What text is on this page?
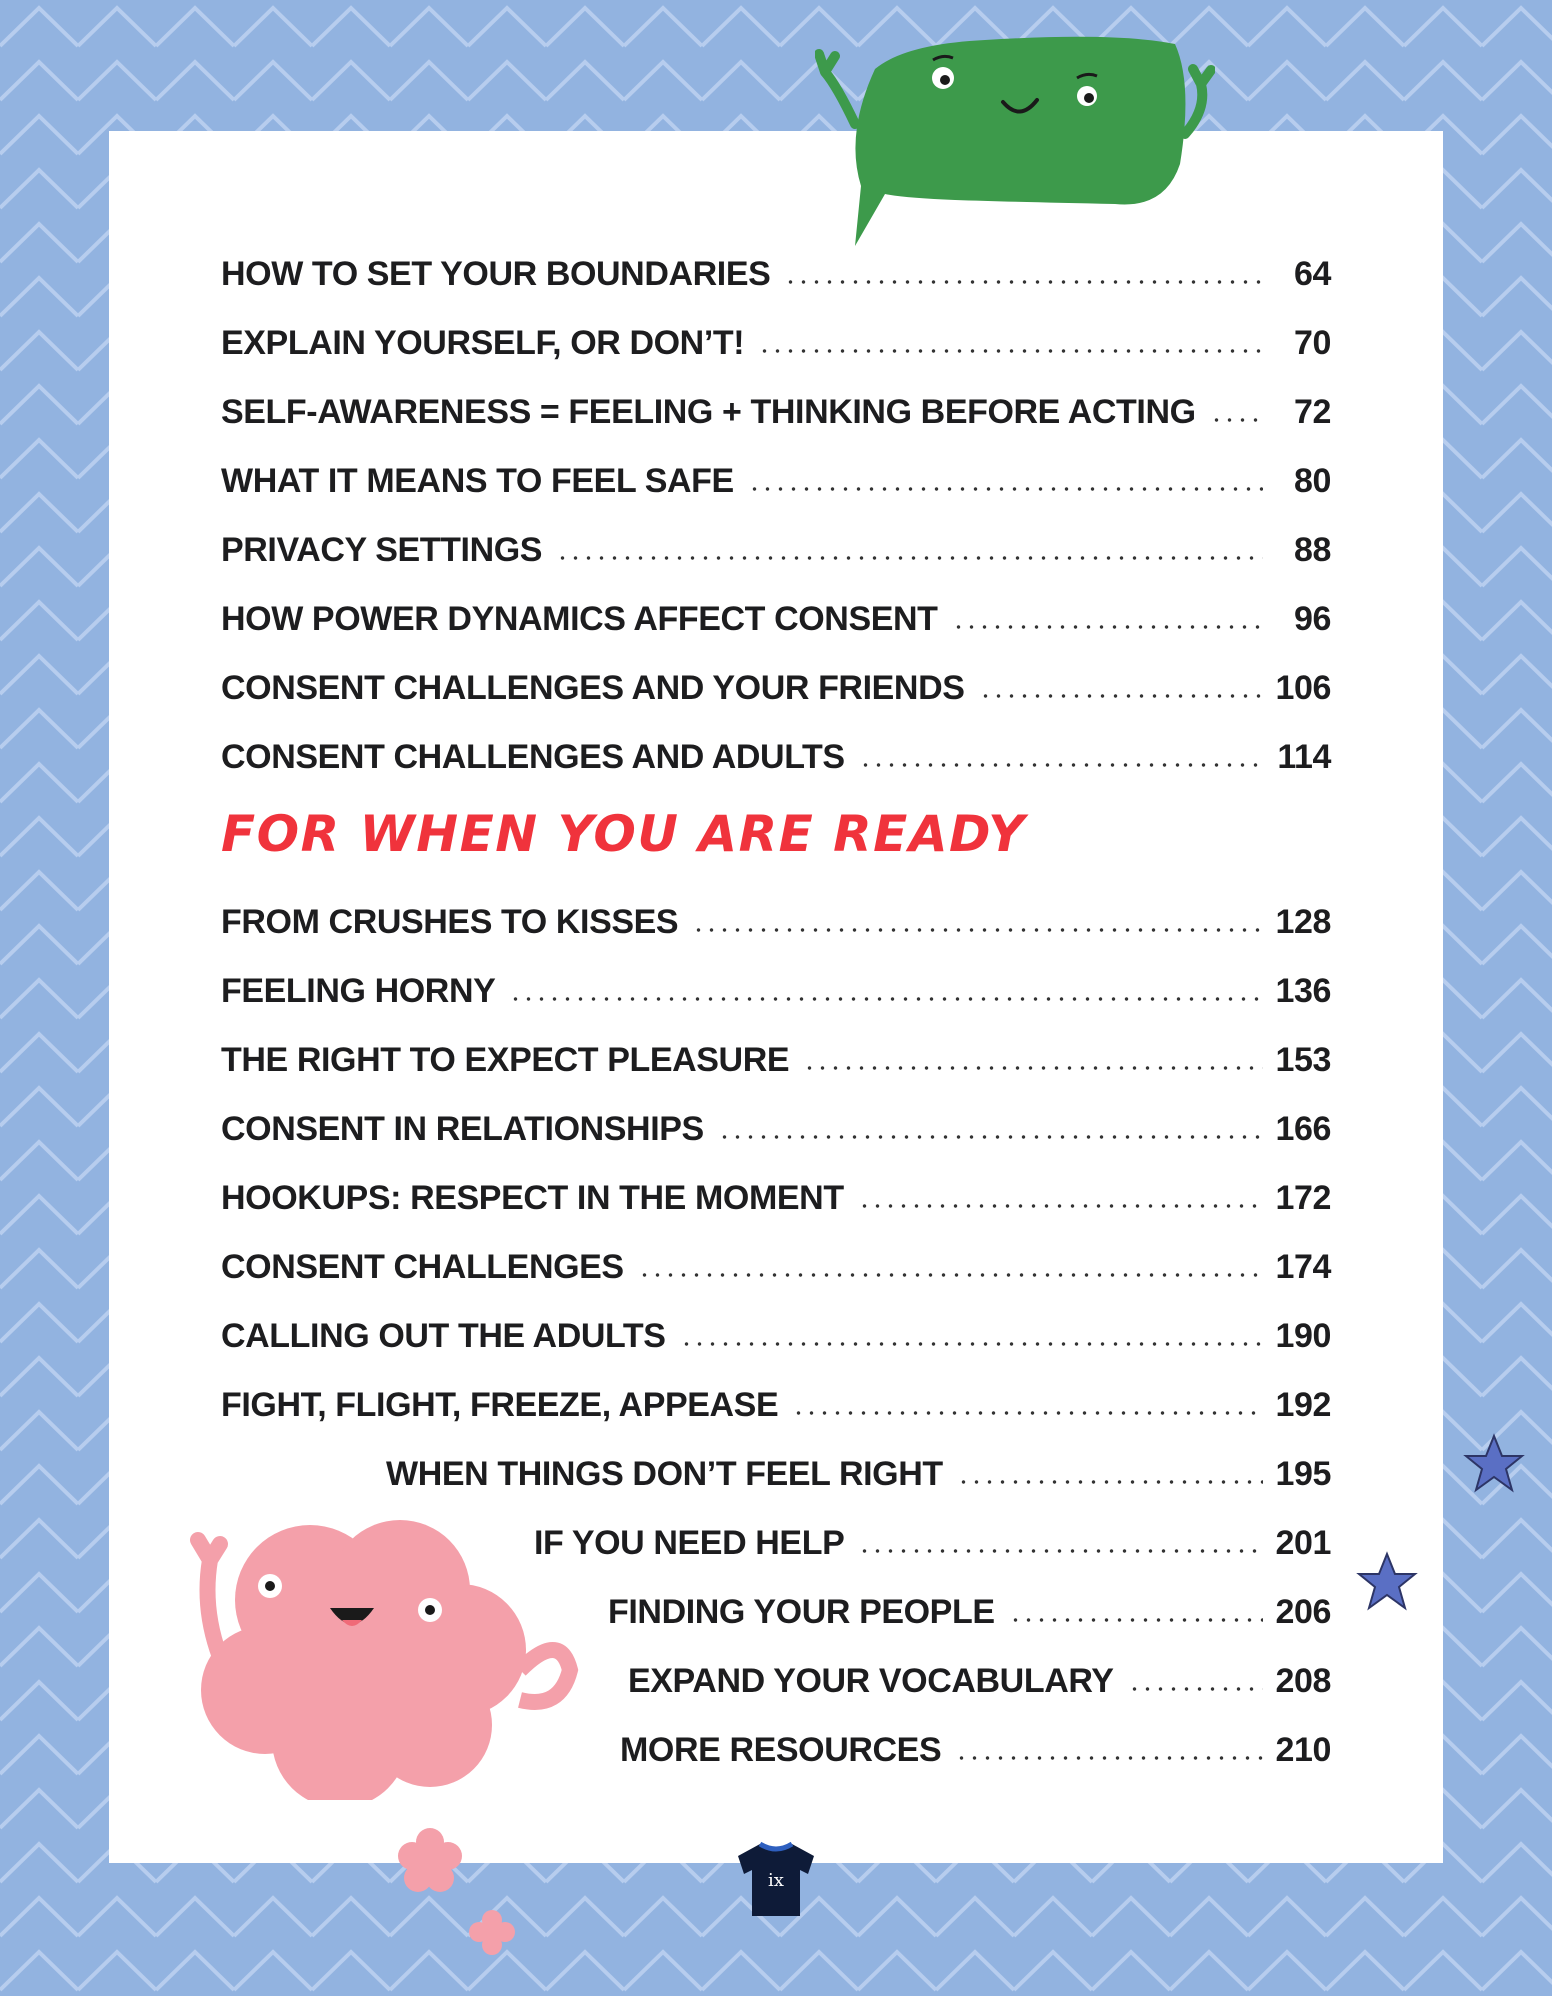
HOW TO SET YOUR BOUNDARIES	64
EXPLAIN YOURSELF, OR DON’T!	70
SELF-AWARENESS = FEELING + THINKING BEFORE ACTING	72
WHAT IT MEANS TO FEEL SAFE	80
PRIVACY SETTINGS	88
HOW POWER DYNAMICS AFFECT CONSENT	96
CONSENT CHALLENGES AND YOUR FRIENDS	106
CONSENT CHALLENGES AND ADULTS	114
FOR WHEN YOU ARE READY
FROM CRUSHES TO KISSES	128
FEELING HORNY	136
THE RIGHT TO EXPECT PLEASURE	153
CONSENT IN RELATIONSHIPS	166
HOOKUPS: RESPECT IN THE MOMENT	172
CONSENT CHALLENGES	174
CALLING OUT THE ADULTS	190
FIGHT, FLIGHT, FREEZE, APPEASE	192
WHEN THINGS DON’T FEEL RIGHT	195
IF YOU NEED HELP	201
FINDING YOUR PEOPLE	206
EXPAND YOUR VOCABULARY	208
MORE RESOURCES	210
ix
